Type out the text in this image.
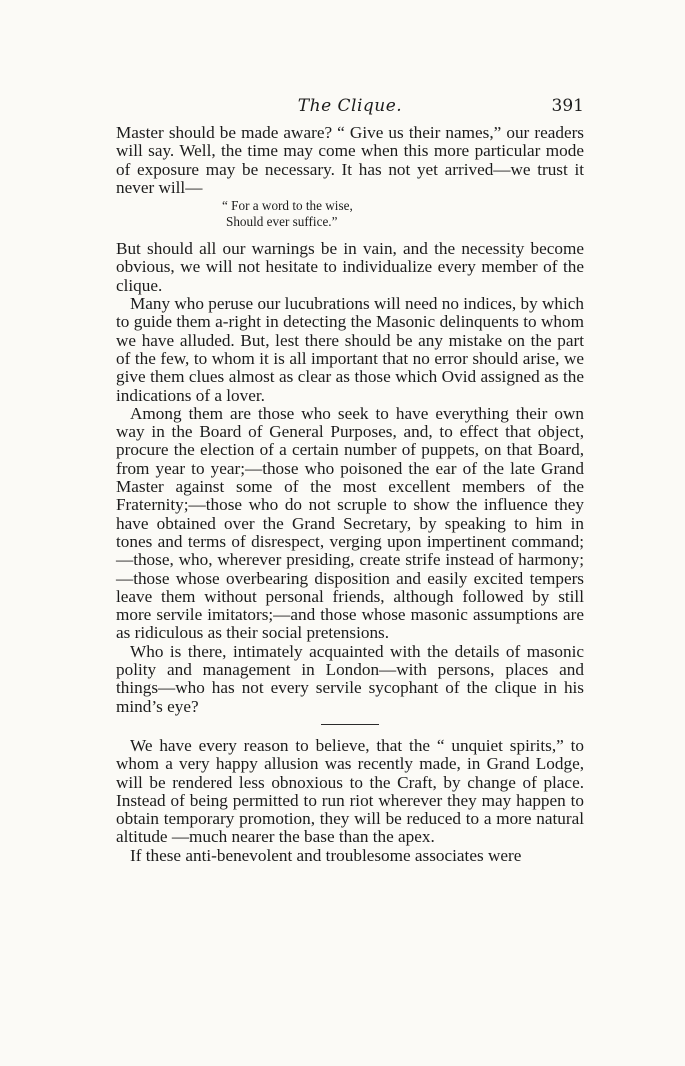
The Clique.	391

Master should be made aware? “ Give us their names,” our readers will say. Well, the time may come when this more particular mode of exposure may be necessary. It has not yet arrived—we trust it never will—

“ For a word to the wise,
Should ever suffice.”

But should all our warnings be in vain, and the necessity become obvious, we will not hesitate to individualize every member of the clique.

Many who peruse our lucubrations will need no indices, by which to guide them a-right in detecting the Masonic delinquents to whom we have alluded. But, lest there should be any mistake on the part of the few, to whom it is all important that no error should arise, we give them clues almost as clear as those which Ovid assigned as the indications of a lover.

Among them are those who seek to have everything their own way in the Board of General Purposes, and, to effect that object, procure the election of a certain number of puppets, on that Board, from year to year;—those who poisoned the ear of the late Grand Master against some of the most excellent members of the Fraternity;—those who do not scruple to show the influence they have obtained over the Grand Secretary, by speaking to him in tones and terms of disrespect, verging upon impertinent command;—those, who, wherever presiding, create strife instead of harmony;—those whose overbearing disposition and easily excited tempers leave them without personal friends, although followed by still more servile imitators;—and those whose masonic assumptions are as ridiculous as their social pretensions.

Who is there, intimately acquainted with the details of masonic polity and management in London—with persons, places and things—who has not every servile sycophant of the clique in his mind’s eye?

We have every reason to believe, that the “ unquiet spirits,” to whom a very happy allusion was recently made, in Grand Lodge, will be rendered less obnoxious to the Craft, by change of place. Instead of being permitted to run riot wherever they may happen to obtain temporary promotion, they will be reduced to a more natural altitude —much nearer the base than the apex.

If these anti-benevolent and troublesome associates were
